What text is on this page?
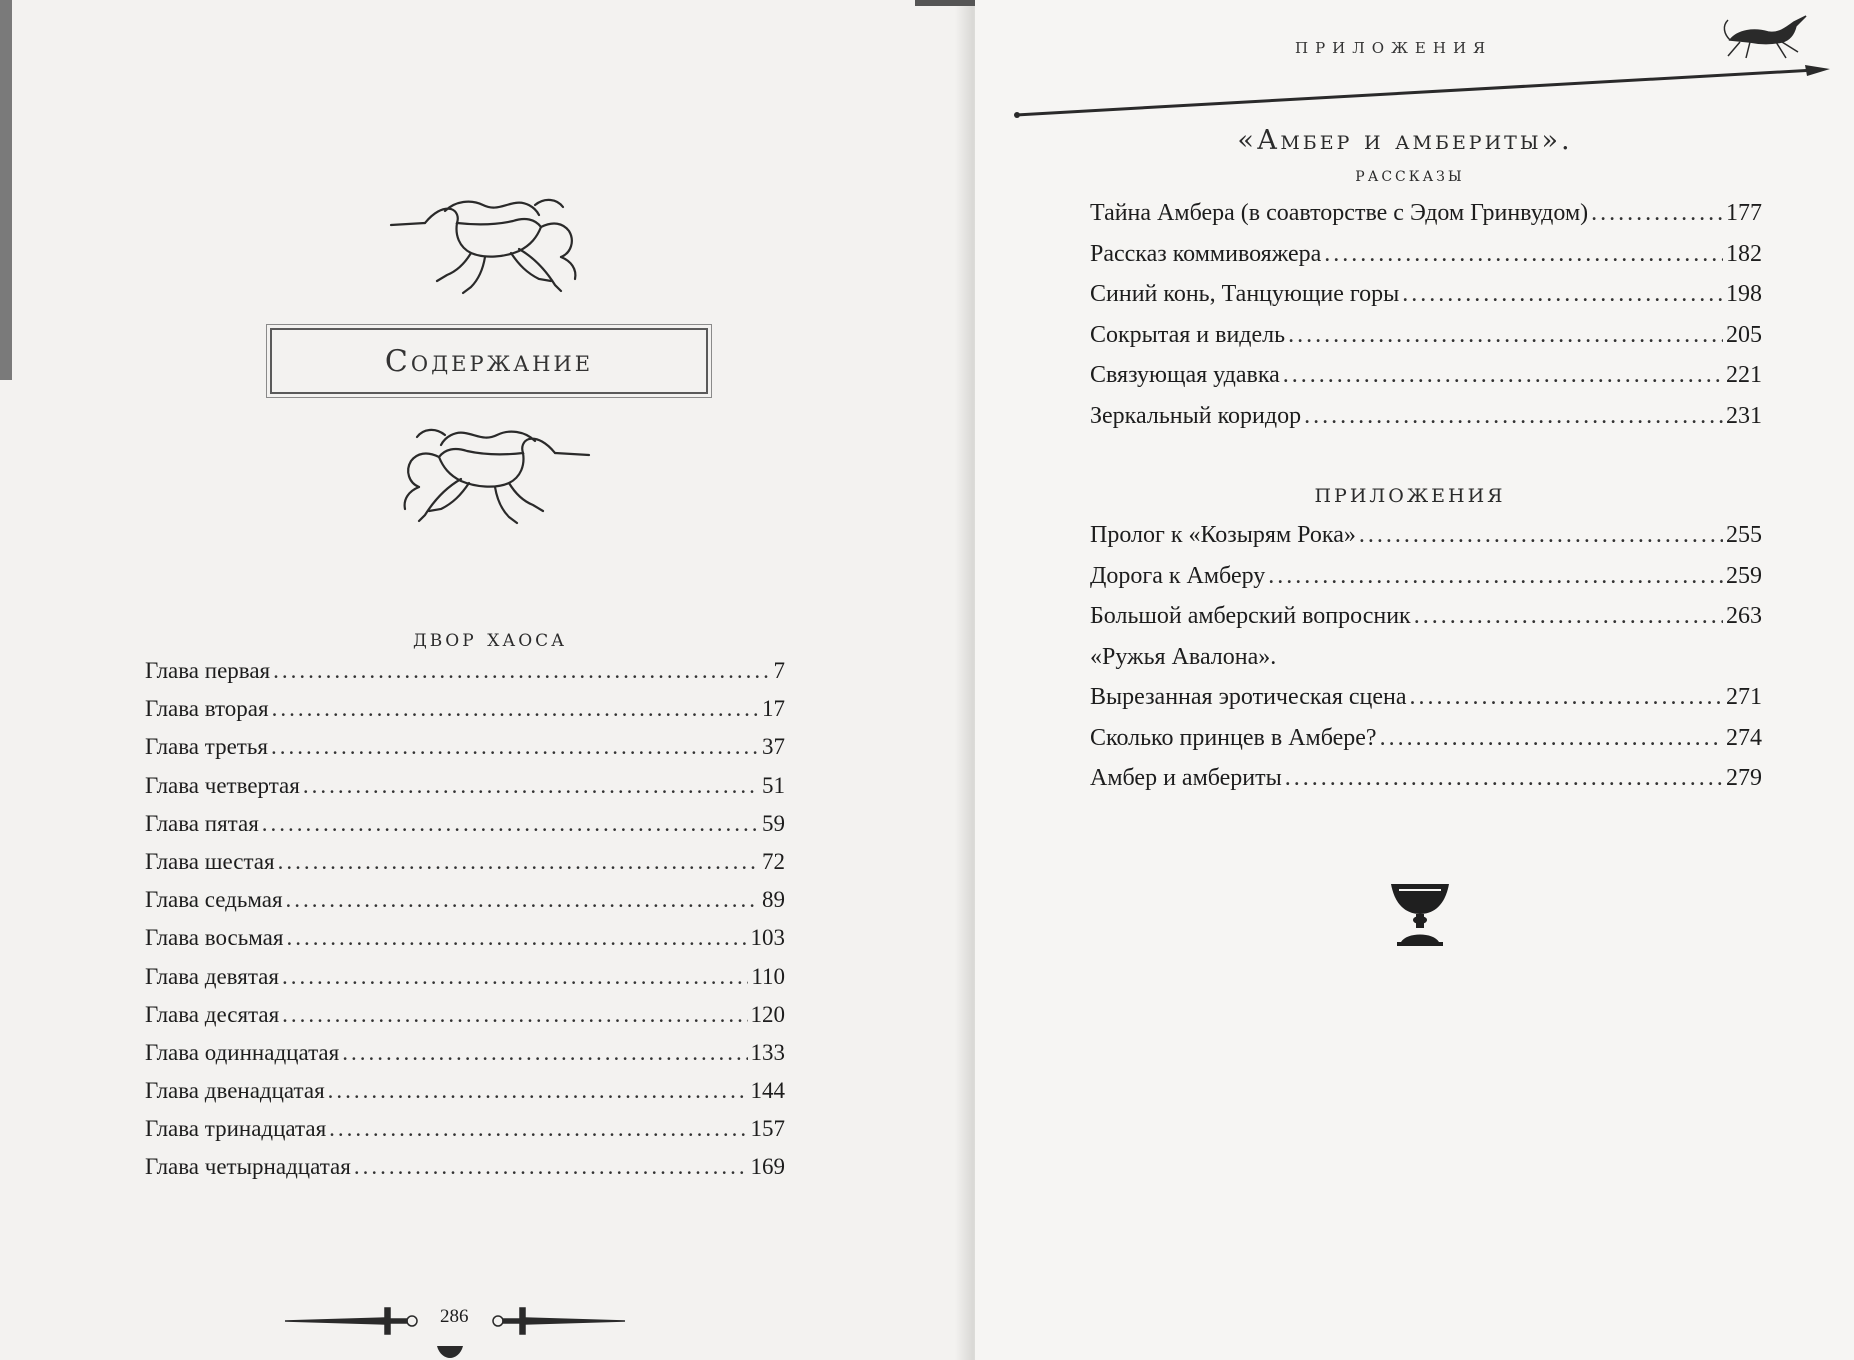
Содержание
двор хаоса
Глава первая .....	7
Глава вторая .....	17
Глава третья .....	37
Глава четвертая .....	51
Глава пятая .....	59
Глава шестая .....	72
Глава седьмая .....	89
Глава восьмая .....	103
Глава девятая .....	110
Глава десятая .....	120
Глава одиннадцатая .....	133
Глава двенадцатая .....	144
Глава тринадцатая .....	157
Глава четырнадцатая .....	169
286
приложения
«Амбер и амбериты».
рассказы
Тайна Амбера (в соавторстве с Эдом Гринвудом) .....	177
Рассказ коммивояжера .....	182
Синий конь, Танцующие горы .....	198
Сокрытая и видель .....	205
Связующая удавка .....	221
Зеркальный коридор .....	231
приложения
Пролог к «Козырям Рока» .....	255
Дорога к Амберу .....	259
Большой амберский вопросник .....	263
«Ружья Авалона».
Вырезанная эротическая сцена .....	271
Сколько принцев в Амбере? .....	274
Амбер и амбериты .....	279
